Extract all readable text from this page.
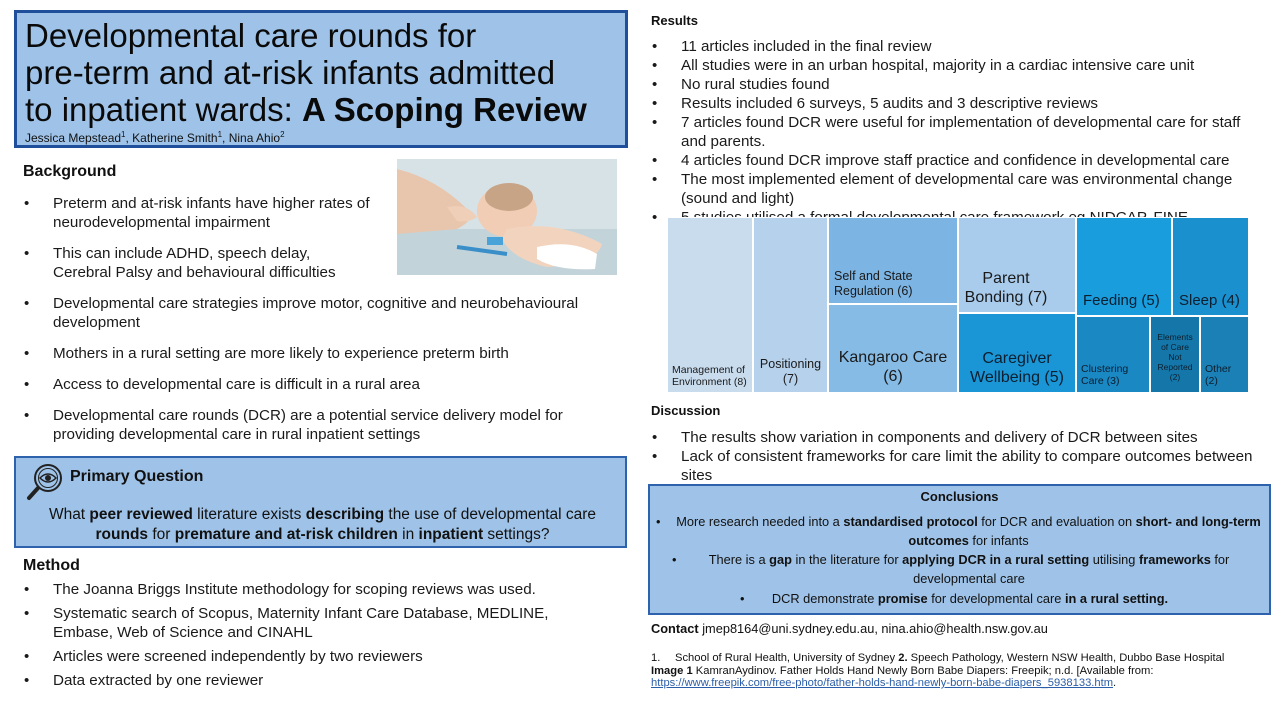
Developmental care rounds for
pre-term and at-risk infants admitted
to inpatient wards: A Scoping Review
Jessica Mepstead$^1$, Katherine Smith$^1$, Nina Ahio$^2$
Background
• Preterm and at-risk infants have higher rates of neurodevelopmental impairment
• This can include ADHD, speech delay, Cerebral Palsy and behavioural difficulties
• Developmental care strategies improve motor, cognitive and neurobehavioural development
• Mothers in a rural setting are more likely to experience preterm birth
• Access to developmental care is difficult in a rural area
• Developmental care rounds (DCR) are a potential service delivery model for providing developmental care in rural inpatient settings
Primary Question
What peer reviewed literature exists describing the use of developmental care rounds for premature and at-risk children in inpatient settings?
Method
• The Joanna Briggs Institute methodology for scoping reviews was used.
• Systematic search of Scopus, Maternity Infant Care Database, MEDLINE, Embase, Web of Science and CINAHL
• Articles were screened independently by two reviewers
• Data extracted by one reviewer
Results
• 11 articles included in the final review
• All studies were in an urban hospital, majority in a cardiac intensive care unit
• No rural studies found
• Results included 6 surveys, 5 audits and 3 descriptive reviews
• 7 articles found DCR were useful for implementation of developmental care for staff and parents.
• 4 articles found DCR improve staff practice and confidence in developmental care
• The most implemented element of developmental care was environmental change (sound and light)
•
Management of
Environment (8)
Positioning
(7)
Self and State
Regulation (6)
Kangaroo Care
(6)
Parent
Bonding (7)
Caregiver
Wellbeing (5)
Feeding (5) Sleep (4)
Clustering
Care (3)
Elements
of Care
Not
Reported
(2)
Other
(2)
Discussion
• The results show variation in components and delivery of DCR between sites
• Lack of consistent frameworks for care limit the ability to compare outcomes between sites
Conclusions
•	More research needed into a standardised protocol for DCR and evaluation on short- and long-term outcomes for infants
•	There is a gap in the literature for applying DCR in a rural setting utilising frameworks for developmental care
•	DCR demonstrate promise for developmental care in a rural setting.
Contact jmep8164@uni.sydney.edu.au, nina.ahio@health.nsw.gov.au
1. School of Rural Health, University of Sydney 2. Speech Pathology, Western NSW Health, Dubbo Base Hospital
Image 1 KamranAydinov. Father Holds Hand Newly Born Babe Diapers: Freepik; n.d. [Available from:
https://www.freepik.com/free-photo/father-holds-hand-newly-born-babe-diapers_5938133.htm.
